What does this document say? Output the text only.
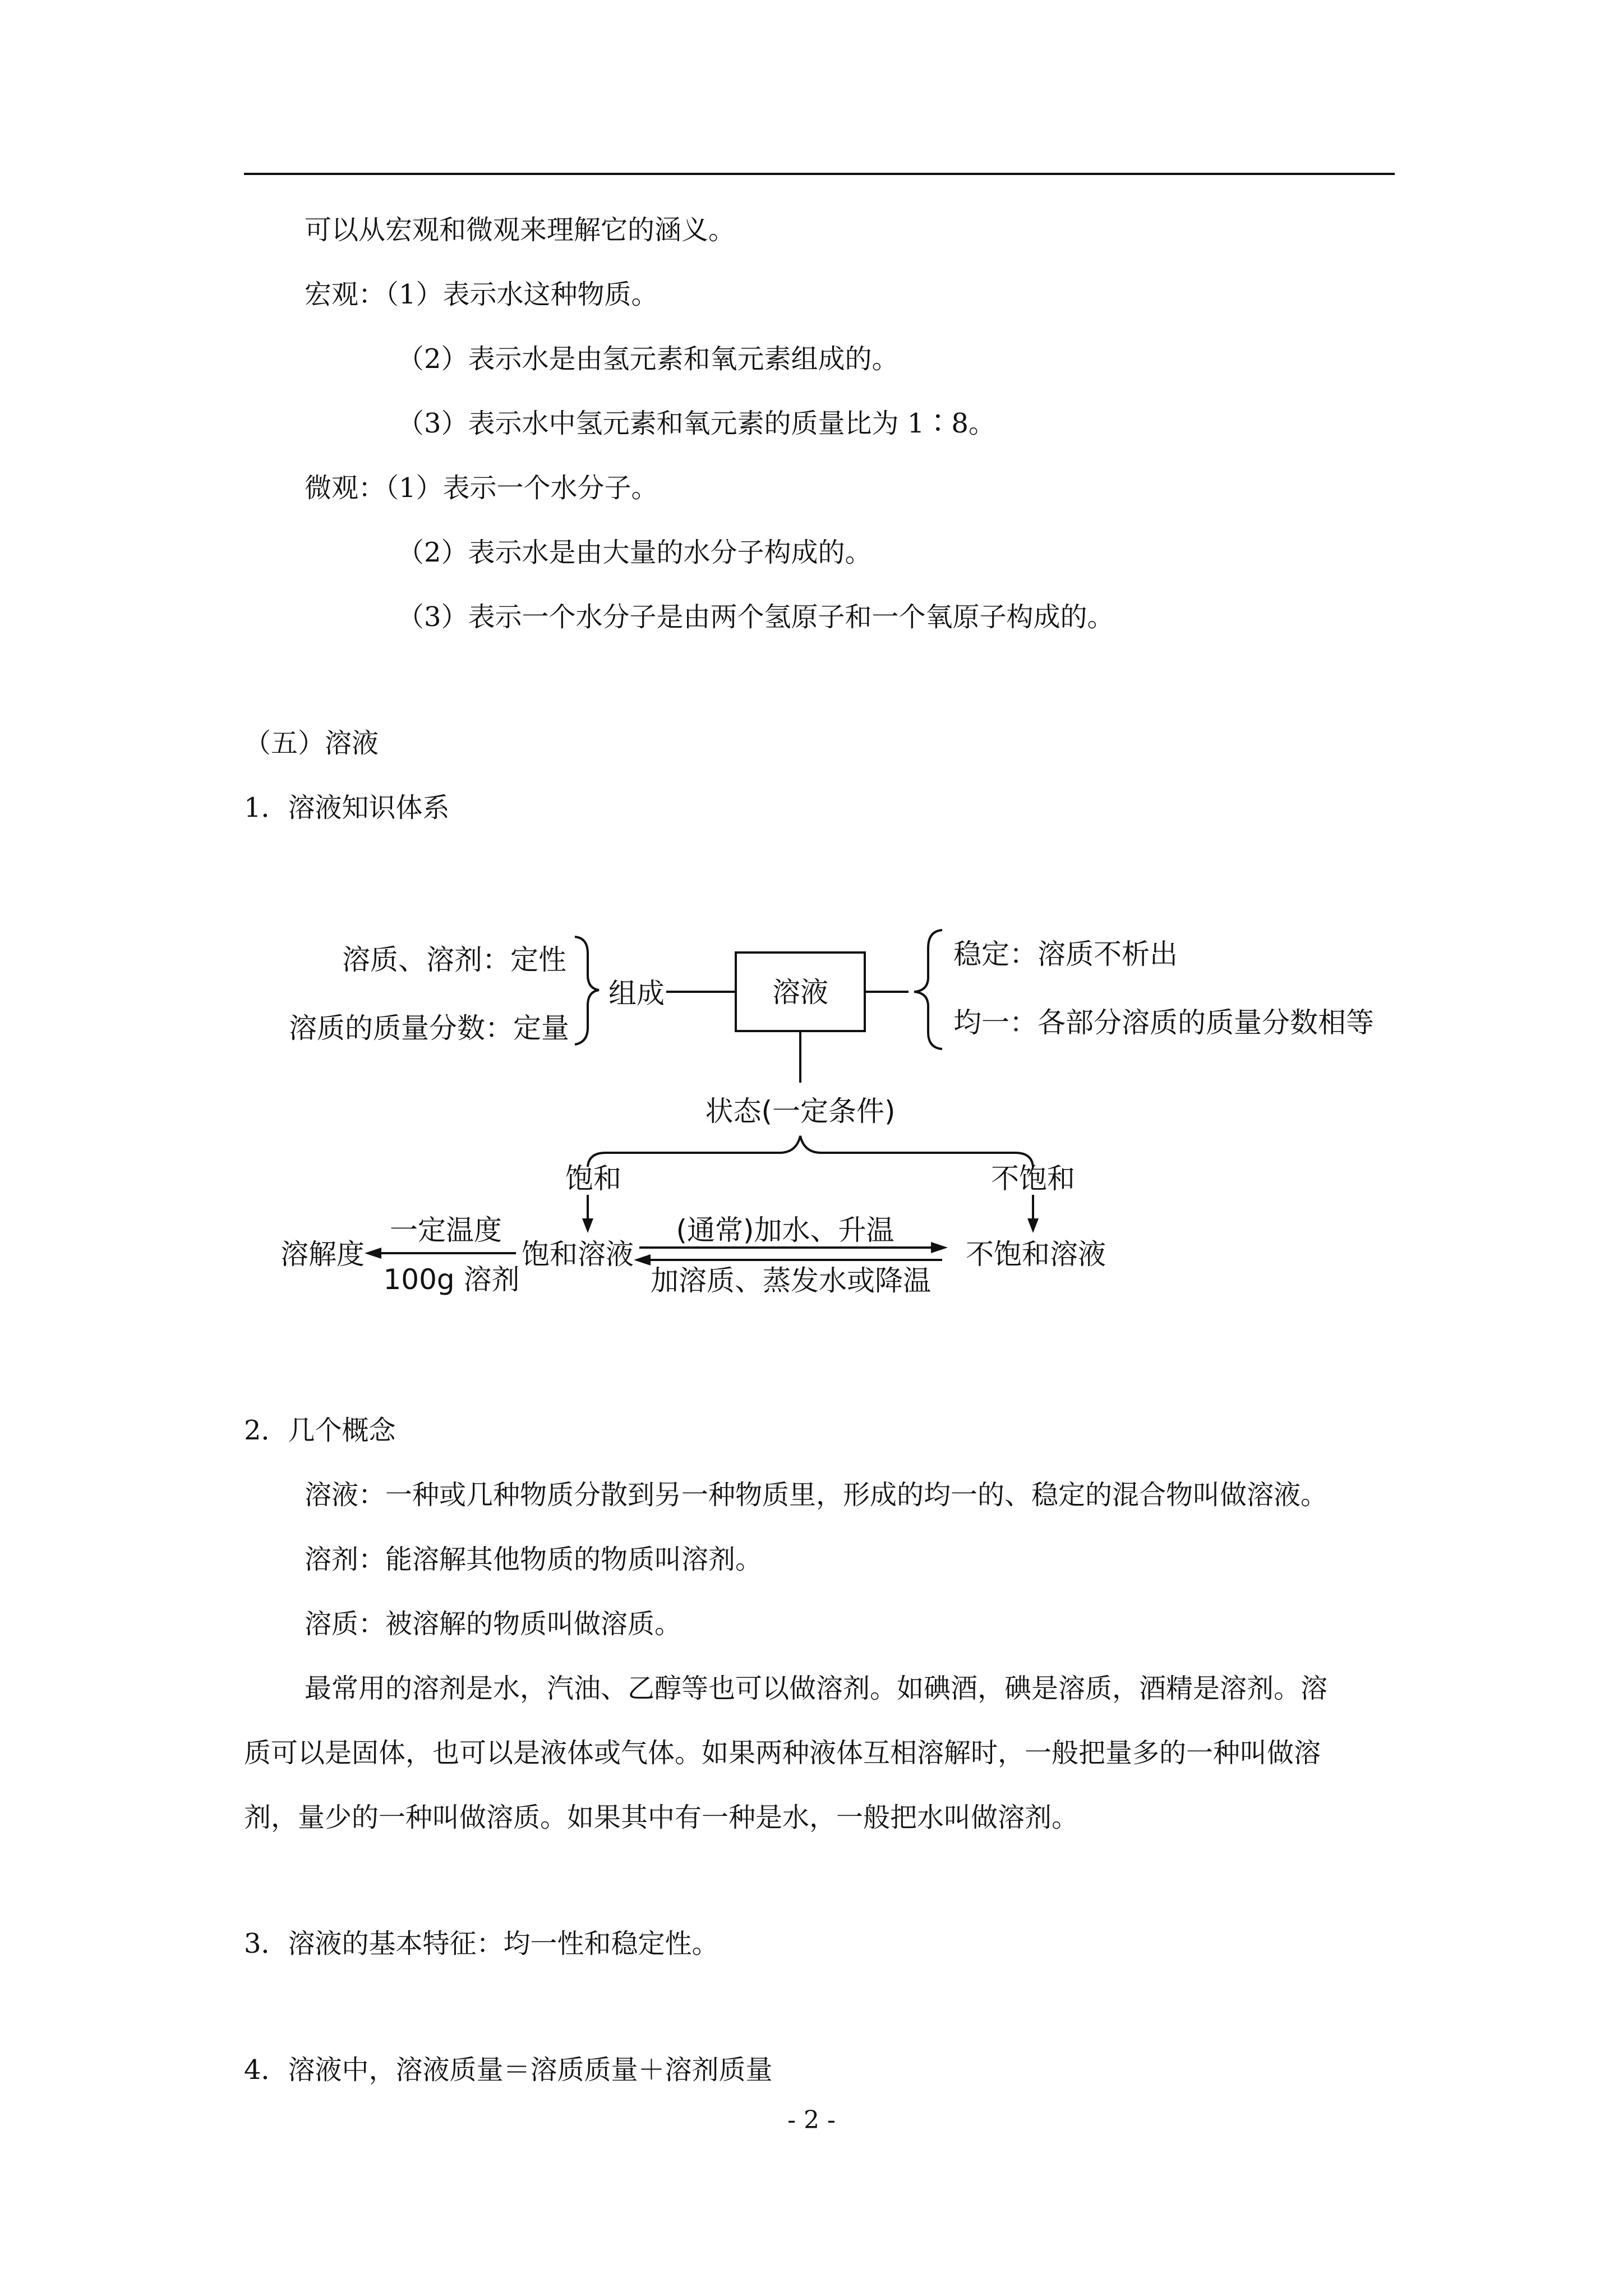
可以从宏观和微观来理解它的涵义。
宏观：（1）表示水这种物质。
（2）表示水是由氢元素和氧元素组成的。
（3）表示水中氢元素和氧元素的质量比为 1∶8。
微观：（1）表示一个水分子。
（2）表示水是由大量的水分子构成的。
（3）表示一个水分子是由两个氢原子和一个氧原子构成的。
（五）溶液
1．溶液知识体系
溶质、溶剂：定性
溶质的质量分数：定量
组成	溶液
稳定：溶质不析出
均一：各部分溶质的质量分数相等
状态(一定条件)
饱和	不饱和
溶解度
一定温度
100g 溶剂
饱和溶液
(通常)加水、升温
加溶质、蒸发水或降温
不饱和溶液
2．几个概念
溶液：一种或几种物质分散到另一种物质里，形成的均一的、稳定的混合物叫做溶液。
溶剂：能溶解其他物质的物质叫溶剂。
溶质：被溶解的物质叫做溶质。
最常用的溶剂是水，汽油、乙醇等也可以做溶剂。如碘酒，碘是溶质，酒精是溶剂。溶
质可以是固体，也可以是液体或气体。如果两种液体互相溶解时，一般把量多的一种叫做溶
剂，量少的一种叫做溶质。如果其中有一种是水，一般把水叫做溶剂。
3．溶液的基本特征：均一性和稳定性。
4．溶液中，溶液质量＝溶质质量＋溶剂质量
- 2 -
